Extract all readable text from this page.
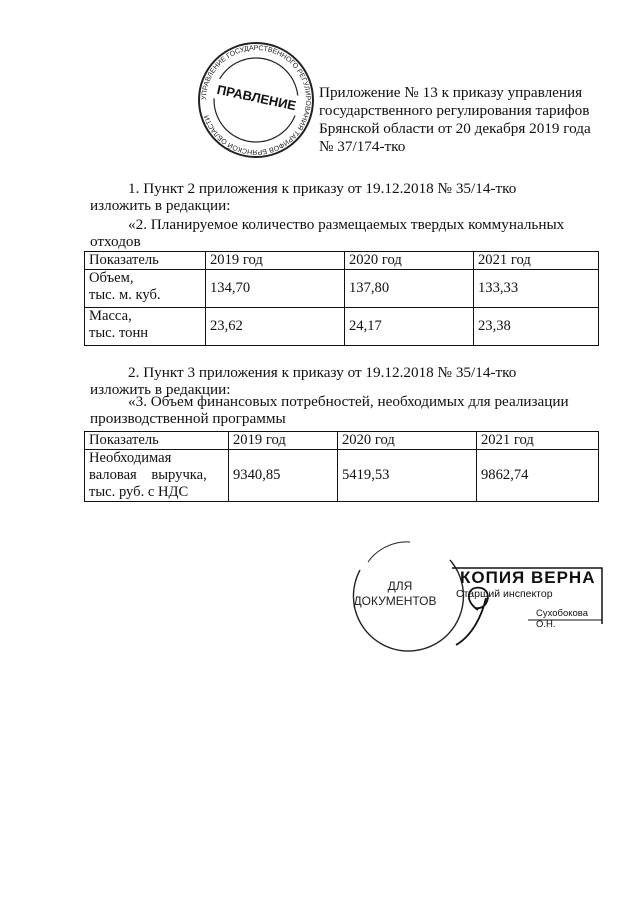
УПРАВЛЕНИЕ ГОСУДАРСТВЕННОГО РЕГУЛИРОВАНИЯ ТАРИФОВ БРЯНСКОЙ ОБЛАСТИ
ПРАВЛЕНИЕ Приложение № 13 к приказу управления
государственного регулирования тарифов
Брянской области от 20 декабря 2019 года
№ 37/174-тко
1. Пункт 2 приложения к приказу от 19.12.2018 № 35/14-тко
изложить в редакции:
«2. Планируемое количество размещаемых твердых коммунальных
отходов
Показатель	2019 год	2020 год	2021 год

Объем,
тыс. м. куб.	134,70	137,80	133,33

Масса,
тыс. тонн	23,62	24,17	23,38
2. Пункт 3 приложения к приказу от 19.12.2018 № 35/14-тко
изложить в редакции:
«3. Объем финансовых потребностей, необходимых для реализации
производственной программы
Показатель	2019 год	2020 год	2021 год

Необходимая
валовая    выручка,
тыс. руб. с НДС	9340,85	5419,53	9862,74
ДЛЯ
ДОКУМЕНТОВ
КОПИЯ ВЕРНА
Старший инспектор
Сухобокова О.Н.
